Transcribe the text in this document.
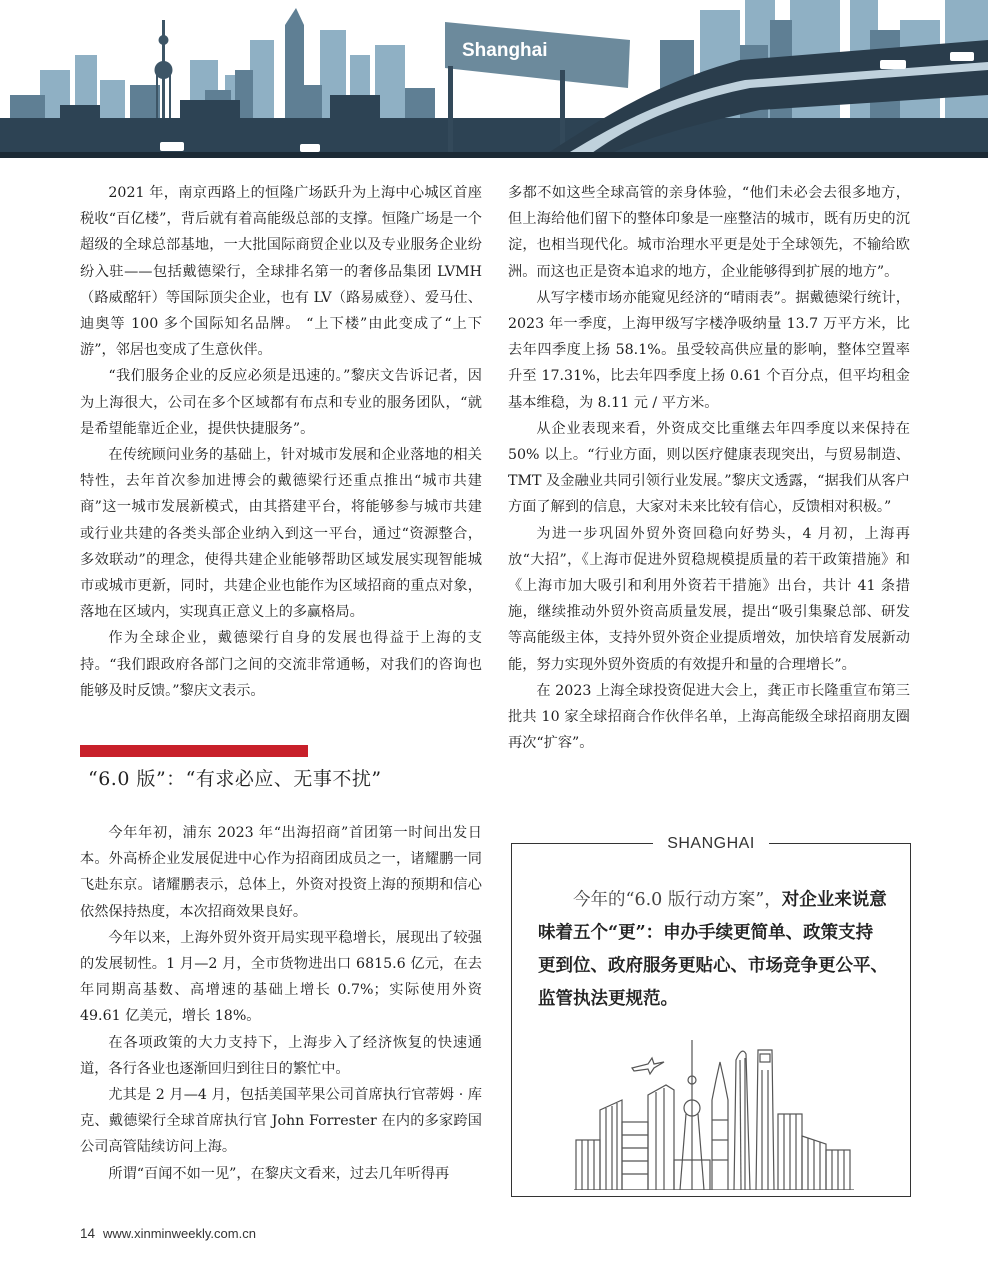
Shanghai

2021 年，南京西路上的恒隆广场跃升为上海中心城区首座税收“百亿楼”，背后就有着高能级总部的支撑。恒隆广场是一个超级的全球总部基地，一大批国际商贸企业以及专业服务企业纷纷入驻——包括戴德梁行，全球排名第一的奢侈品集团 LVMH（路威酩轩）等国际顶尖企业，也有 LV（路易威登）、爱马仕、迪奥等 100 多个国际知名品牌。 “上下楼”由此变成了“上下游”，邻居也变成了生意伙伴。

“我们服务企业的反应必须是迅速的。”黎庆文告诉记者，因为上海很大，公司在多个区域都有布点和专业的服务团队，“就是希望能靠近企业，提供快捷服务”。

在传统顾问业务的基础上，针对城市发展和企业落地的相关特性，去年首次参加进博会的戴德梁行还重点推出“城市共建商”这一城市发展新模式，由其搭建平台，将能够参与城市共建或行业共建的各类头部企业纳入到这一平台，通过“资源整合，多效联动”的理念，使得共建企业能够帮助区域发展实现智能城市或城市更新，同时，共建企业也能作为区域招商的重点对象，落地在区域内，实现真正意义上的多赢格局。

作为全球企业，戴德梁行自身的发展也得益于上海的支持。“我们跟政府各部门之间的交流非常通畅，对我们的咨询也能够及时反馈。”黎庆文表示。

“6.0 版”：“有求必应、无事不扰”

今年年初，浦东 2023 年“出海招商”首团第一时间出发日本。外高桥企业发展促进中心作为招商团成员之一，诸耀鹏一同飞赴东京。诸耀鹏表示，总体上，外资对投资上海的预期和信心依然保持热度，本次招商效果良好。

今年以来，上海外贸外资开局实现平稳增长，展现出了较强的发展韧性。1 月—2 月，全市货物进出口 6815.6 亿元，在去年同期高基数、高增速的基础上增长 0.7%；实际使用外资 49.61 亿美元，增长 18%。

在各项政策的大力支持下，上海步入了经济恢复的快速通道，各行各业也逐渐回归到往日的繁忙中。

尤其是 2 月—4 月，包括美国苹果公司首席执行官蒂姆 · 库克、戴德梁行全球首席执行官 John Forrester 在内的多家跨国公司高管陆续访问上海。

所谓“百闻不如一见”，在黎庆文看来，过去几年听得再

多都不如这些全球高管的亲身体验，“他们未必会去很多地方，但上海给他们留下的整体印象是一座整洁的城市，既有历史的沉淀，也相当现代化。城市治理水平更是处于全球领先，不输给欧洲。而这也正是资本追求的地方，企业能够得到扩展的地方”。

从写字楼市场亦能窥见经济的“晴雨表”。据戴德梁行统计，2023 年一季度，上海甲级写字楼净吸纳量 13.7 万平方米，比去年四季度上扬 58.1%。虽受较高供应量的影响，整体空置率升至 17.31%，比去年四季度上扬 0.61 个百分点，但平均租金基本维稳，为 8.11 元 / 平方米。

从企业表现来看，外资成交比重继去年四季度以来保持在 50% 以上。“行业方面，则以医疗健康表现突出，与贸易制造、TMT 及金融业共同引领行业发展。”黎庆文透露，“据我们从客户方面了解到的信息，大家对未来比较有信心，反馈相对积极。”

为进一步巩固外贸外资回稳向好势头，4 月初，上海再放“大招”，《上海市促进外贸稳规模提质量的若干政策措施》和《上海市加大吸引和利用外资若干措施》出台，共计 41 条措施，继续推动外贸外资高质量发展，提出“吸引集聚总部、研发等高能级主体，支持外贸外资企业提质增效，加快培育发展新动能，努力实现外贸外资质的有效提升和量的合理增长”。

在 2023 上海全球投资促进大会上，龚正市长隆重宣布第三批共 10 家全球招商合作伙伴名单，上海高能级全球招商朋友圈再次“扩容”。

SHANGHAI
今年的“6.0 版行动方案”，对企业来说意味着五个“更”：申办手续更简单、政策支持更到位、政府服务更贴心、市场竞争更公平、监管执法更规范。
14 www.xinminweekly.com.cn
